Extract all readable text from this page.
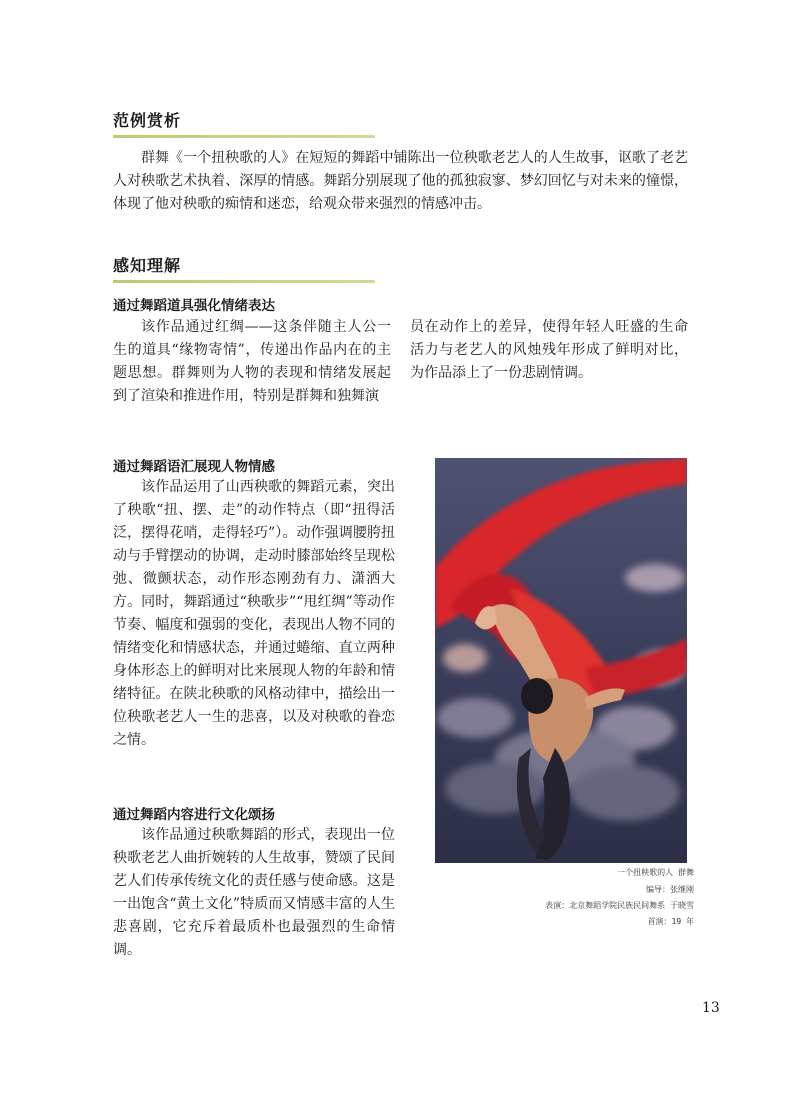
范例赏析

群舞《一个扭秧歌的人》在短短的舞蹈中铺陈出一位秧歌老艺人的人生故事，讴歌了老艺人对秧歌艺术执着、深厚的情感。舞蹈分别展现了他的孤独寂寥、梦幻回忆与对未来的憧憬，体现了他对秧歌的痴情和迷恋，给观众带来强烈的情感冲击。

感知理解
通过舞蹈道具强化情绪表达

该作品通过红绸——这条伴随主人公一生的道具“缘物寄情”，传递出作品内在的主题思想。群舞则为人物的表现和情绪发展起到了渲染和推进作用，特别是群舞和独舞演

员在动作上的差异，使得年轻人旺盛的生命活力与老艺人的风烛残年形成了鲜明对比，为作品添上了一份悲剧情调。

通过舞蹈语汇展现人物情感

该作品运用了山西秧歌的舞蹈元素，突出了秧歌“扭、摆、走”的动作特点（即“扭得活泛，摆得花哨，走得轻巧”）。动作强调腰胯扭动与手臂摆动的协调，走动时膝部始终呈现松弛、微颤状态，动作形态刚劲有力、潇洒大方。同时，舞蹈通过“秧歌步”“甩红绸”等动作节奏、幅度和强弱的变化，表现出人物不同的情绪变化和情感状态，并通过蜷缩、直立两种身体形态上的鲜明对比来展现人物的年龄和情绪特征。在陕北秧歌的风格动律中，描绘出一位秧歌老艺人一生的悲喜，以及对秧歌的眷恋之情。

通过舞蹈内容进行文化颂扬

该作品通过秧歌舞蹈的形式，表现出一位秧歌老艺人曲折婉转的人生故事，赞颂了民间艺人们传承传统文化的责任感与使命感。这是一出饱含“黄土文化”特质而又情感丰富的人生悲喜剧，它充斥着最质朴也最强烈的生命情调。

一个扭秧歌的人 群舞
编导：张继刚
表演：北京舞蹈学院民族民间舞系 于晓雪
首演：19 年
13
